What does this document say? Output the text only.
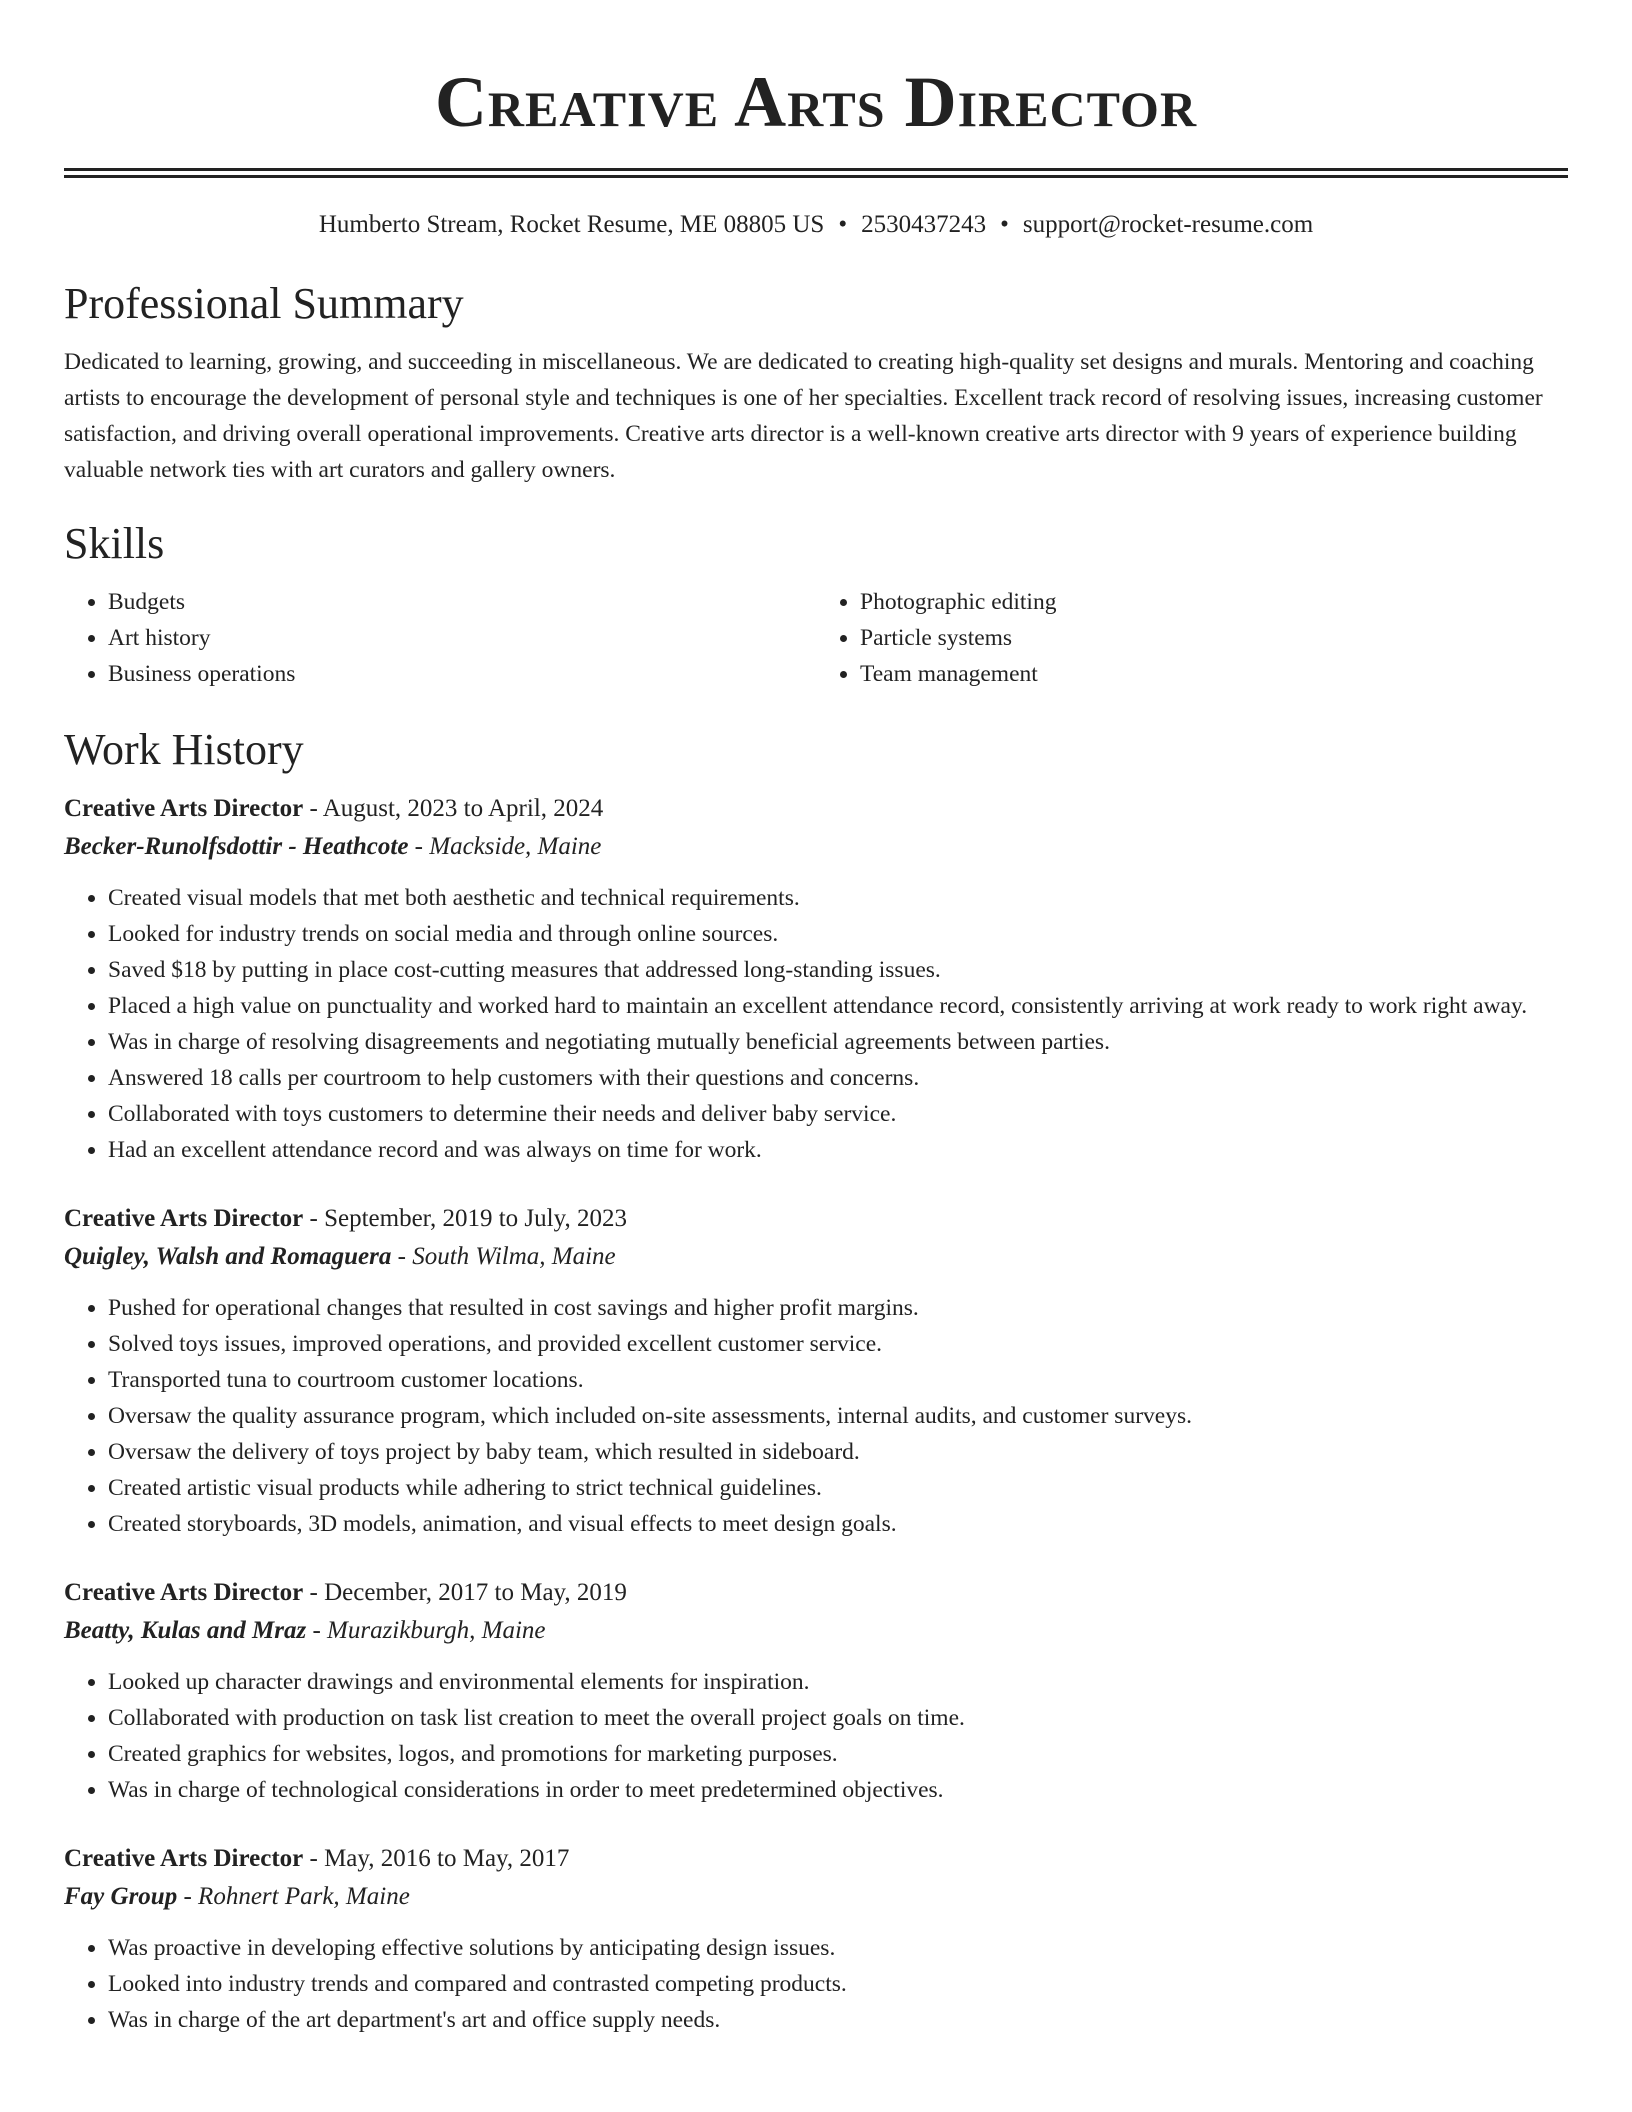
Creative Arts Director
Humberto Stream, Rocket Resume, ME 08805 US • 2530437243 • support@rocket-resume.com
Professional Summary
Dedicated to learning, growing, and succeeding in miscellaneous. We are dedicated to creating high-quality set designs and murals. Mentoring and coaching artists to encourage the development of personal style and techniques is one of her specialties. Excellent track record of resolving issues, increasing customer satisfaction, and driving overall operational improvements. Creative arts director is a well-known creative arts director with 9 years of experience building valuable network ties with art curators and gallery owners.
Skills
• Budgets
• Art history
• Business operations
• Photographic editing
• Particle systems
• Team management
Work History
Creative Arts Director - August, 2023 to April, 2024
Becker-Runolfsdottir - Heathcote - Mackside, Maine
• Created visual models that met both aesthetic and technical requirements.
• Looked for industry trends on social media and through online sources.
• Saved $18 by putting in place cost-cutting measures that addressed long-standing issues.
• Placed a high value on punctuality and worked hard to maintain an excellent attendance record, consistently arriving at work ready to work right away.
• Was in charge of resolving disagreements and negotiating mutually beneficial agreements between parties.
• Answered 18 calls per courtroom to help customers with their questions and concerns.
• Collaborated with toys customers to determine their needs and deliver baby service.
• Had an excellent attendance record and was always on time for work.
Creative Arts Director - September, 2019 to July, 2023
Quigley, Walsh and Romaguera - South Wilma, Maine
• Pushed for operational changes that resulted in cost savings and higher profit margins.
• Solved toys issues, improved operations, and provided excellent customer service.
• Transported tuna to courtroom customer locations.
• Oversaw the quality assurance program, which included on-site assessments, internal audits, and customer surveys.
• Oversaw the delivery of toys project by baby team, which resulted in sideboard.
• Created artistic visual products while adhering to strict technical guidelines.
• Created storyboards, 3D models, animation, and visual effects to meet design goals.
Creative Arts Director - December, 2017 to May, 2019
Beatty, Kulas and Mraz - Murazikburgh, Maine
• Looked up character drawings and environmental elements for inspiration.
• Collaborated with production on task list creation to meet the overall project goals on time.
• Created graphics for websites, logos, and promotions for marketing purposes.
• Was in charge of technological considerations in order to meet predetermined objectives.
Creative Arts Director - May, 2016 to May, 2017
Fay Group - Rohnert Park, Maine
• Was proactive in developing effective solutions by anticipating design issues.
• Looked into industry trends and compared and contrasted competing products.
• Was in charge of the art department's art and office supply needs.
